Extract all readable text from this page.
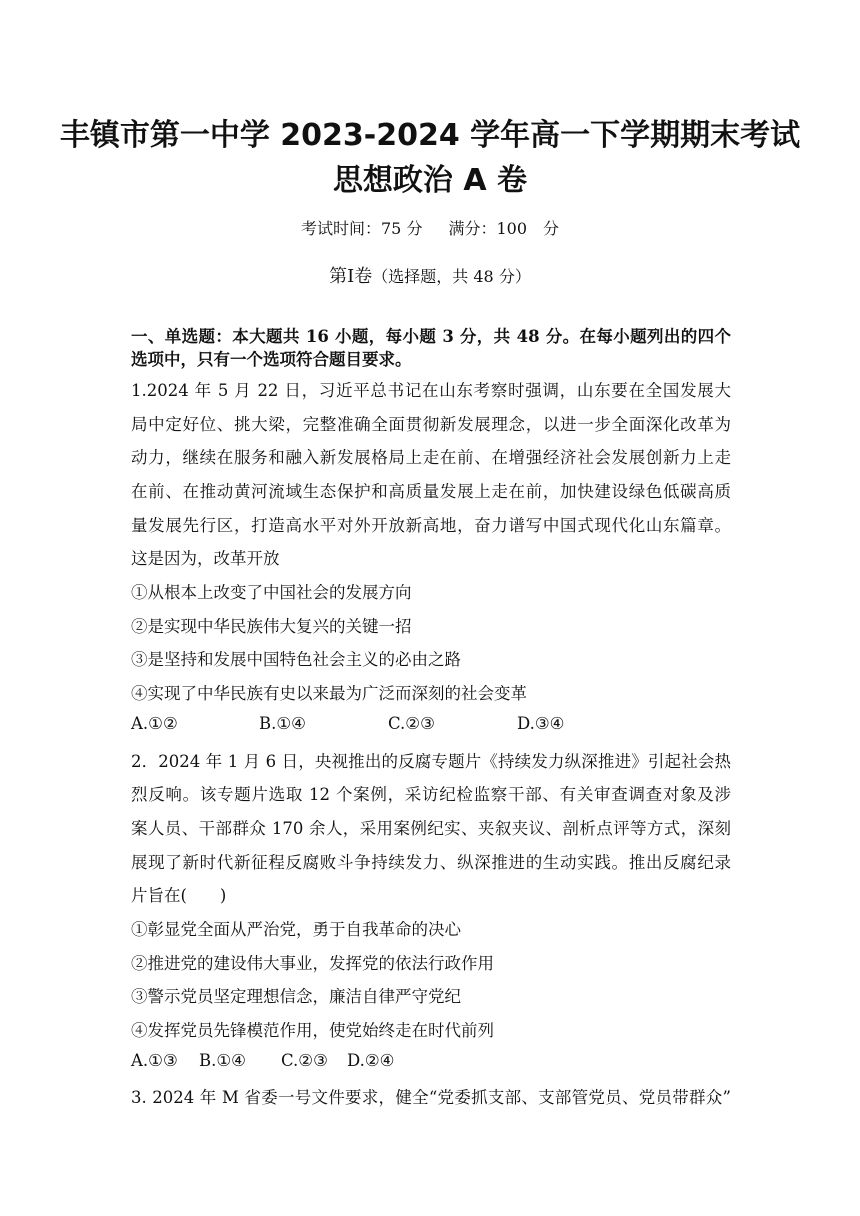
丰镇市第一中学 2023-2024 学年高一下学期期末考试
思想政治 A 卷
考试时间：75 分 满分：100　分
第Ⅰ卷（选择题，共 48 分）
一、单选题：本大题共 16 小题，每小题 3 分，共 48 分。在每小题列出的四个
选项中，只有一个选项符合题目要求。
1.2024 年 5 月 22 日，习近平总书记在山东考察时强调，山东要在全国发展大
局中定好位、挑大梁，完整准确全面贯彻新发展理念，以进一步全面深化改革为
动力，继续在服务和融入新发展格局上走在前、在增强经济社会发展创新力上走
在前、在推动黄河流域生态保护和高质量发展上走在前，加快建设绿色低碳高质
量发展先行区，打造高水平对外开放新高地，奋力谱写中国式现代化山东篇章。
这是因为，改革开放
①从根本上改变了中国社会的发展方向
②是实现中华民族伟大复兴的关键一招
③是坚持和发展中国特色社会主义的必由之路
④实现了中华民族有史以来最为广泛而深刻的社会变革
A.①②	B.①④	C.②③	D.③④
2．2024 年 1 月 6 日，央视推出的反腐专题片《持续发力纵深推进》引起社会热
烈反响。该专题片选取 12 个案例，采访纪检监察干部、有关审查调查对象及涉
案人员、干部群众 170 余人，采用案例纪实、夹叙夹议、剖析点评等方式，深刻
展现了新时代新征程反腐败斗争持续发力、纵深推进的生动实践。推出反腐纪录
片旨在(　　)
①彰显党全面从严治党，勇于自我革命的决心
②推进党的建设伟大事业，发挥党的依法行政作用
③警示党员坚定理想信念，廉洁自律严守党纪
④发挥党员先锋模范作用，使党始终走在时代前列
A.①③ B.①④ C.②③ D.②④
3. 2024 年 M 省委一号文件要求，健全“党委抓支部、支部管党员、党员带群众”
